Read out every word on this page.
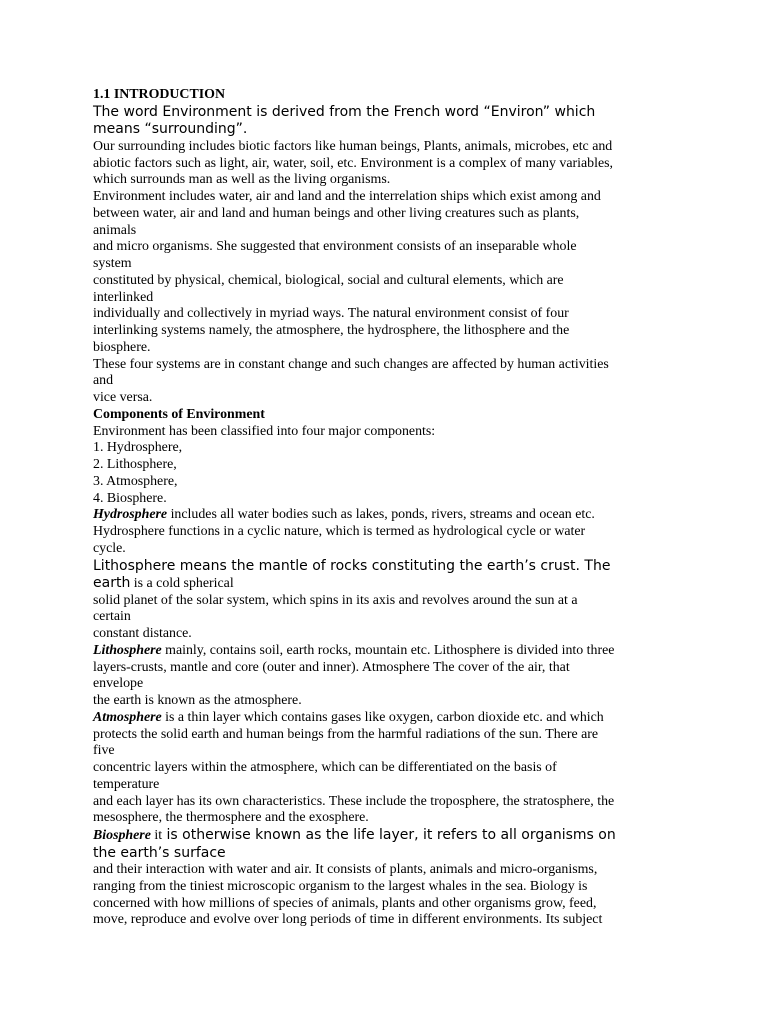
1.1 INTRODUCTION
The word Environment is derived from the French word “Environ” which
means “surrounding”.
Our surrounding includes biotic factors like human beings, Plants, animals, microbes, etc and
abiotic factors such as light, air, water, soil, etc. Environment is a complex of many variables,
which surrounds man as well as the living organisms.
Environment includes water, air and land and the interrelation ships which exist among and
between water, air and land and human beings and other living creatures such as plants,
animals
and micro organisms. She suggested that environment consists of an inseparable whole
system
constituted by physical, chemical, biological, social and cultural elements, which are
interlinked
individually and collectively in myriad ways. The natural environment consist of four
interlinking systems namely, the atmosphere, the hydrosphere, the lithosphere and the
biosphere.
These four systems are in constant change and such changes are affected by human activities
and
vice versa.
Components of Environment
Environment has been classified into four major components:
1. Hydrosphere,
2. Lithosphere,
3. Atmosphere,
4. Biosphere.
Hydrosphere includes all water bodies such as lakes, ponds, rivers, streams and ocean etc.
Hydrosphere functions in a cyclic nature, which is termed as hydrological cycle or water
cycle.
Lithosphere means the mantle of rocks constituting the earth’s crust. The
earth is a cold spherical
solid planet of the solar system, which spins in its axis and revolves around the sun at a
certain
constant distance.
Lithosphere mainly, contains soil, earth rocks, mountain etc. Lithosphere is divided into three
layers-crusts, mantle and core (outer and inner). Atmosphere The cover of the air, that
envelope
the earth is known as the atmosphere.
Atmosphere is a thin layer which contains gases like oxygen, carbon dioxide etc. and which
protects the solid earth and human beings from the harmful radiations of the sun. There are
five
concentric layers within the atmosphere, which can be differentiated on the basis of
temperature
and each layer has its own characteristics. These include the troposphere, the stratosphere, the
mesosphere, the thermosphere and the exosphere.
Biosphere it is otherwise known as the life layer, it refers to all organisms on
the earth’s surface
and their interaction with water and air. It consists of plants, animals and micro-organisms,
ranging from the tiniest microscopic organism to the largest whales in the sea. Biology is
concerned with how millions of species of animals, plants and other organisms grow, feed,
move, reproduce and evolve over long periods of time in different environments. Its subject
